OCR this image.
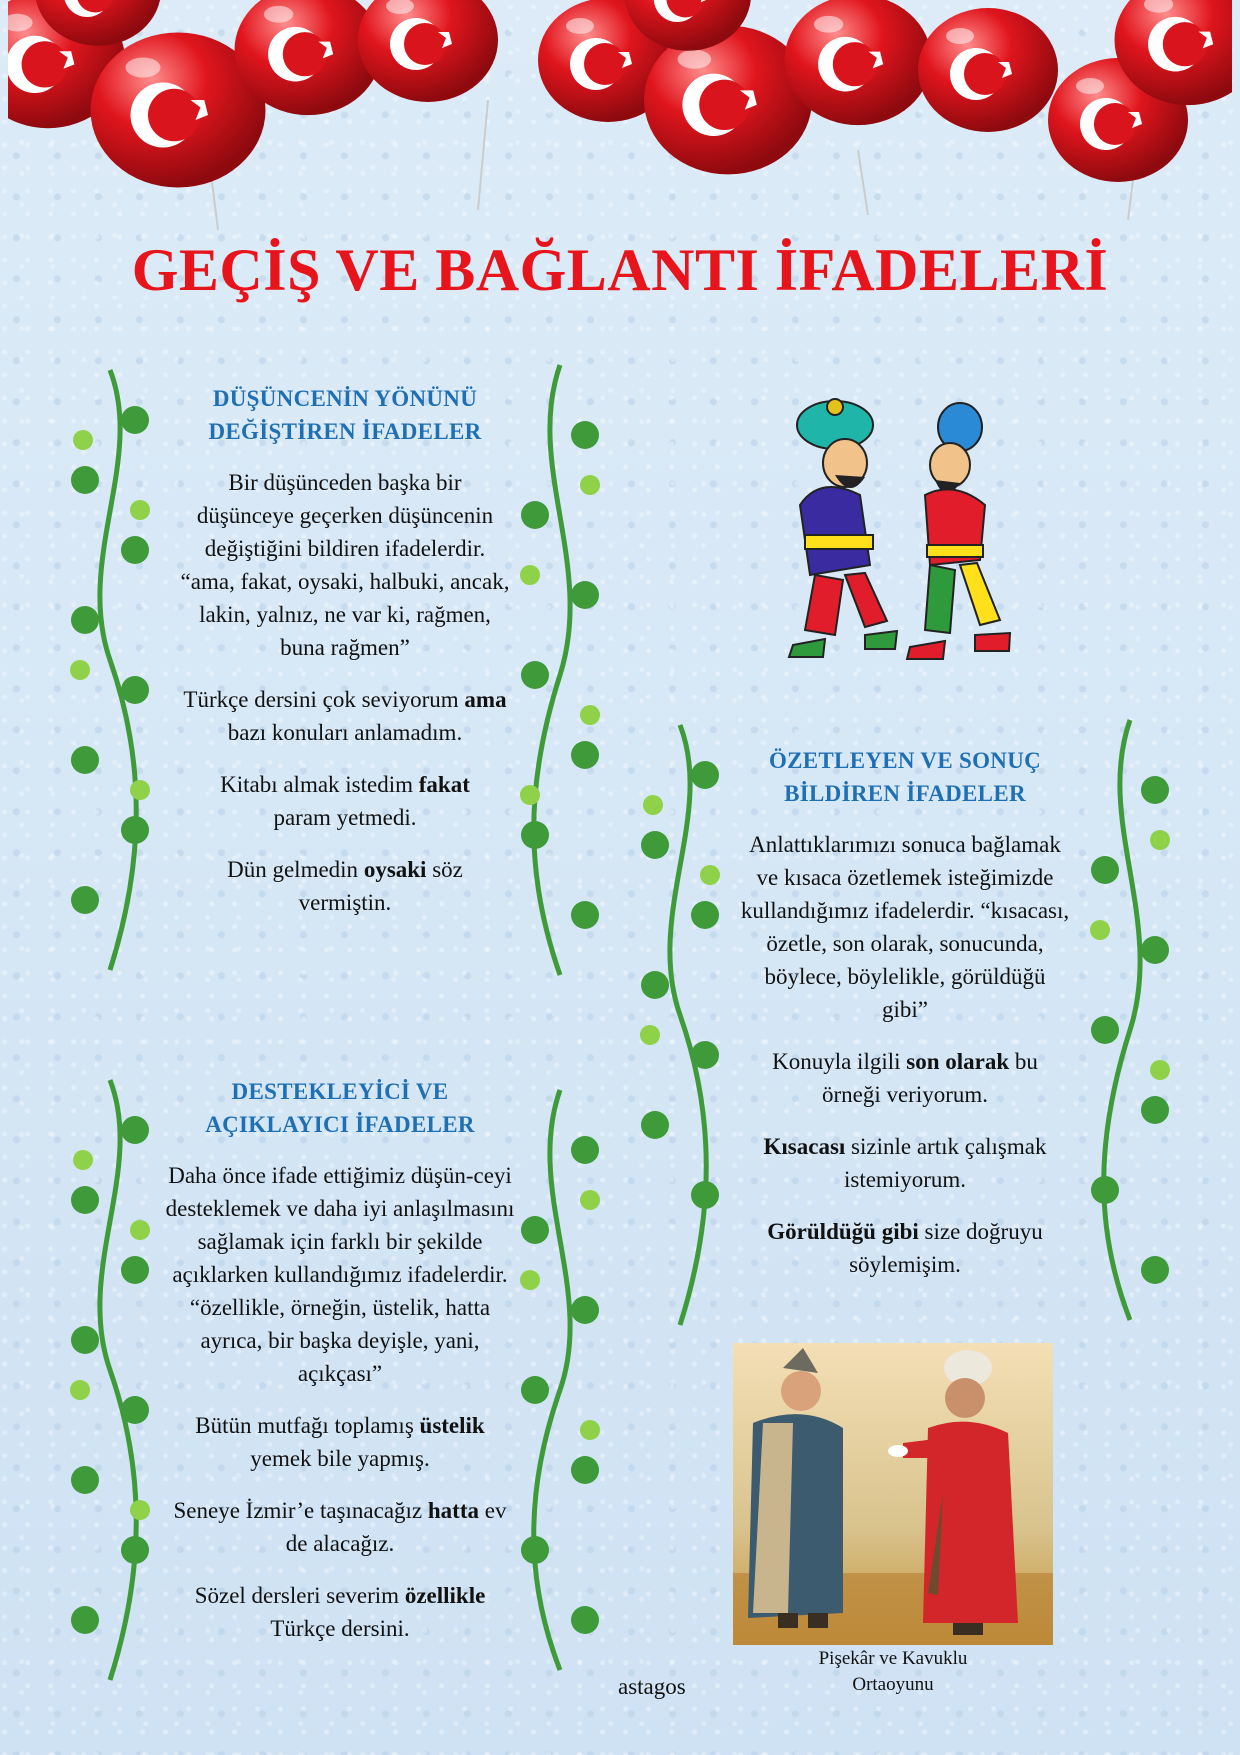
GEÇİŞ VE BAĞLANTI İFADELERİ
DÜŞÜNCENİN YÖNÜNÜ
DEĞİŞTİREN İFADELER

Bir düşünceden başka bir düşünceye geçerken düşüncenin değiştiğini bildiren ifadelerdir. “ama, fakat, oysaki, halbuki, ancak, lakin, yalnız, ne var ki, rağmen, buna rağmen”

Türkçe dersini çok seviyorum ama bazı konuları anlamadım.

Kitabı almak istedim fakat param yetmedi.

Dün gelmedin oysaki söz vermiştin.

DESTEKLEYİCİ VE
AÇIKLAYICI İFADELER

Daha önce ifade ettiğimiz düşün-ceyi desteklemek ve daha iyi anlaşılmasını sağlamak için farklı bir şekilde açıklarken kullandığımız ifadelerdir. “özellikle, örneğin, üstelik, hatta ayrıca, bir başka deyişle, yani, açıkçası”

Bütün mutfağı toplamış üstelik yemek bile yapmış.

Seneye İzmir’e taşınacağız hatta ev de alacağız.

Sözel dersleri severim özellikle Türkçe dersini.

ÖZETLEYEN VE SONUÇ
BİLDİREN İFADELER

Anlattıklarımızı sonuca bağlamak ve kısaca özetlemek isteğimizde kullandığımız ifadelerdir. “kısacası, özetle, son olarak, sonucunda, böylece, böylelikle, görüldüğü gibi”

Konuyla ilgili son olarak bu örneği veriyorum.

Kısacası sizinle artık çalışmak istemiyorum.

Görüldüğü gibi size doğruyu söylemişim.

Pişekâr ve Kavuklu
Ortaoyunu
astagos
